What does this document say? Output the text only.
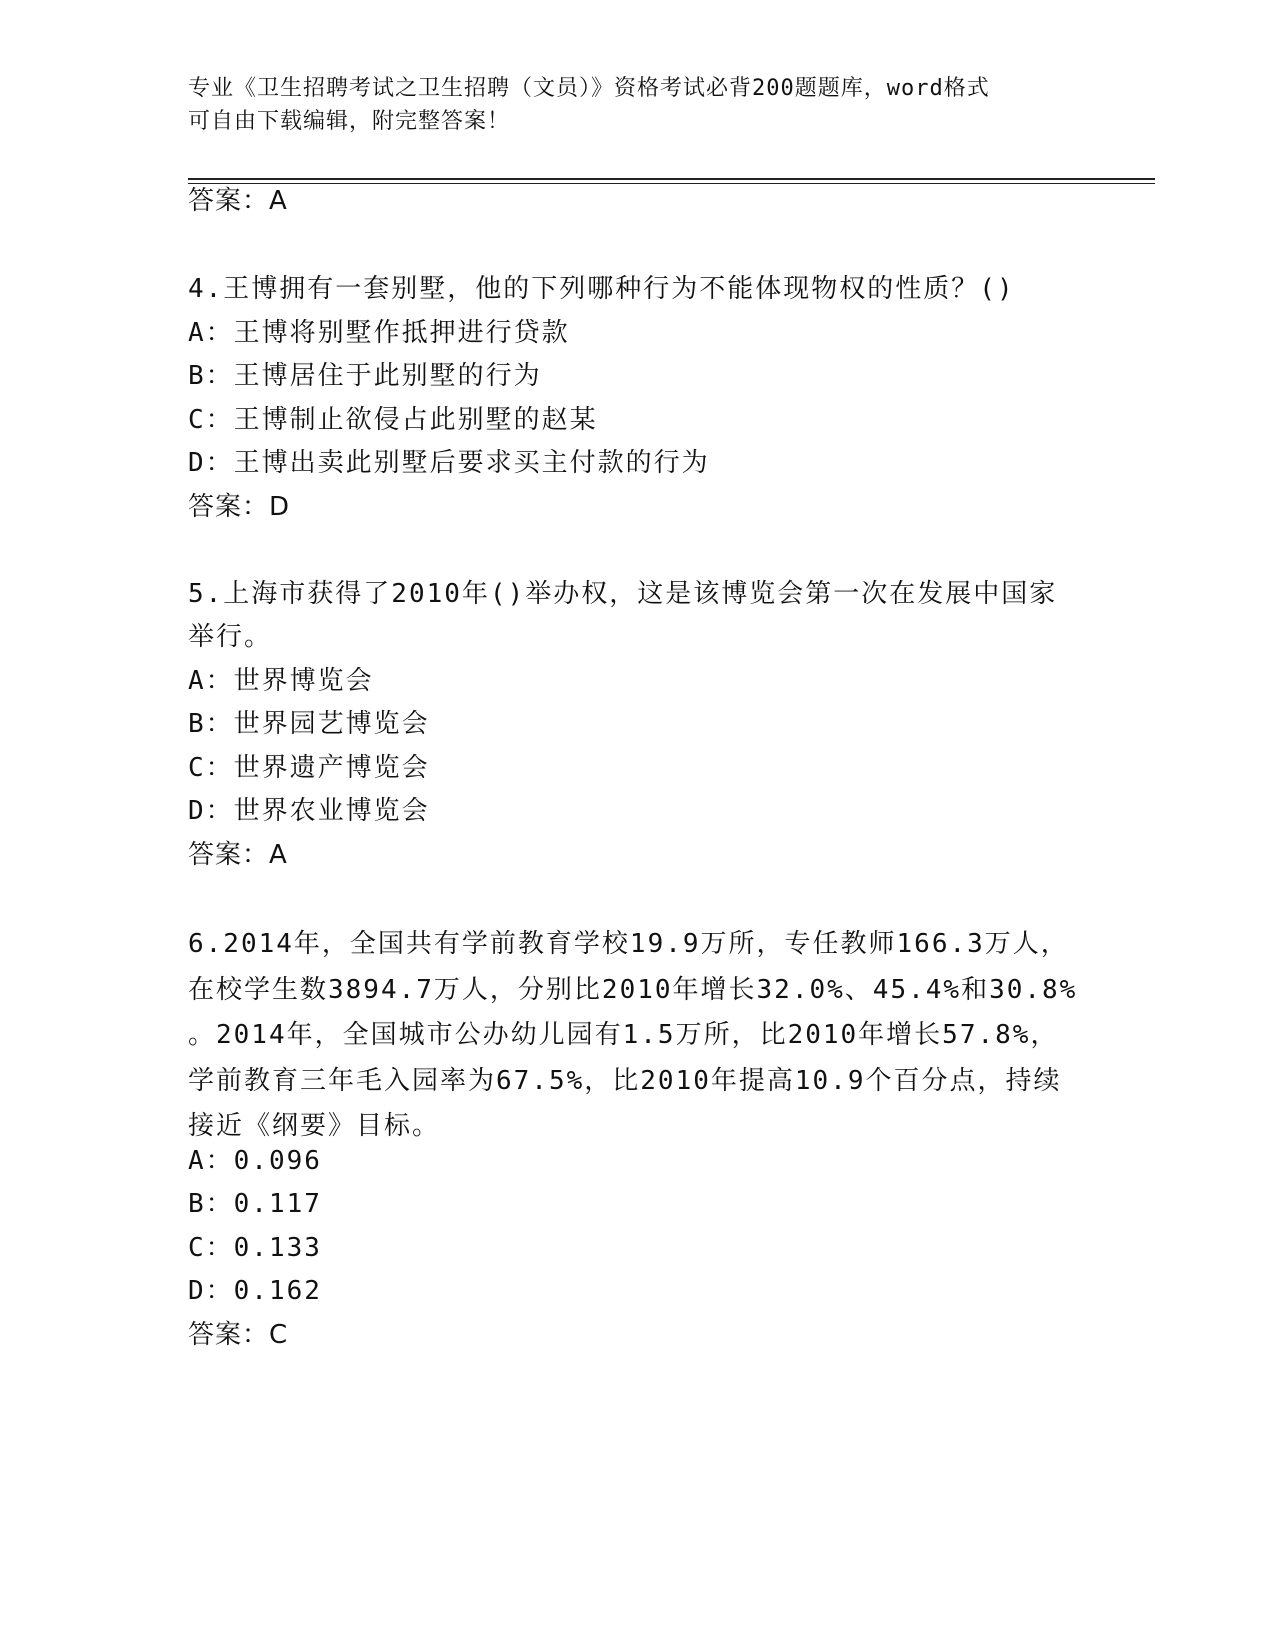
专业《卫生招聘考试之卫生招聘（文员）》资格考试必背200题题库，word格式
可自由下载编辑，附完整答案！
答案：A
4.王博拥有一套别墅，他的下列哪种行为不能体现物权的性质？()
A：王博将别墅作抵押进行贷款
B：王博居住于此别墅的行为
C：王博制止欲侵占此别墅的赵某
D：王博出卖此别墅后要求买主付款的行为
答案：D
5.上海市获得了2010年()举办权，这是该博览会第一次在发展中国家
举行。
A：世界博览会
B：世界园艺博览会
C：世界遗产博览会
D：世界农业博览会
答案：A
6.2014年，全国共有学前教育学校19.9万所，专任教师166.3万人，
在校学生数3894.7万人，分别比2010年增长32.0%、45.4%和30.8%
。2014年，全国城市公办幼儿园有1.5万所，比2010年增长57.8%，
学前教育三年毛入园率为67.5%，比2010年提高10.9个百分点，持续
接近《纲要》目标。
A：0.096
B：0.117
C：0.133
D：0.162
答案：C
